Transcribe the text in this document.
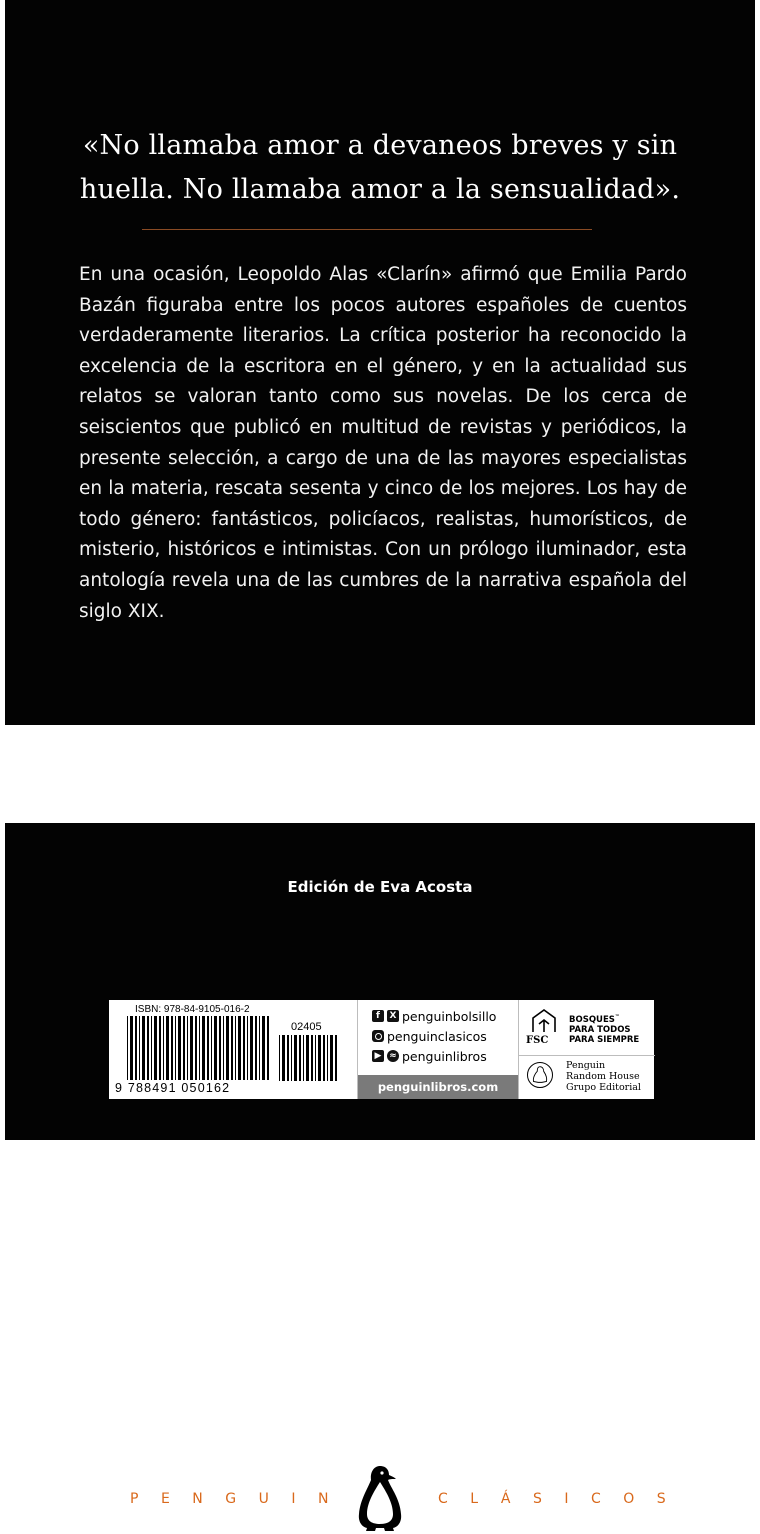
«No llamaba amor a devaneos breves y sin
huella. No llamaba amor a la sensualidad».

En una ocasión, Leopoldo Alas «Clarín» afirmó que Emilia Pardo Bazán figuraba entre los pocos autores españoles de cuentos verdaderamente literarios. La crítica posterior ha reconocido la excelencia de la escritora en el género, y en la actualidad sus relatos se valoran tanto como sus novelas. De los cerca de seiscientos que publicó en multitud de revistas y periódicos, la presente selección, a cargo de una de las mayores especialistas en la materia, rescata sesenta y cinco de los mejores. Los hay de todo género: fantásticos, policíacos, realistas, humorísticos, de misterio, históricos e intimistas. Con un prólogo iluminador, esta antología revela una de las cumbres de la narrativa española del siglo XIX.

PENGUIN	CLÁSICOS
Edición de Eva Acosta
ISBN: 978-84-9105-016-2
9 788491 050162
02405
f	X penguinbolsillo
penguinclasicos
▶ ≈ penguinlibros
penguinlibros.com
FSC
BOSQUES™
PARA TODOS
PARA SIEMPRE
Penguin
Random House
Grupo Editorial
